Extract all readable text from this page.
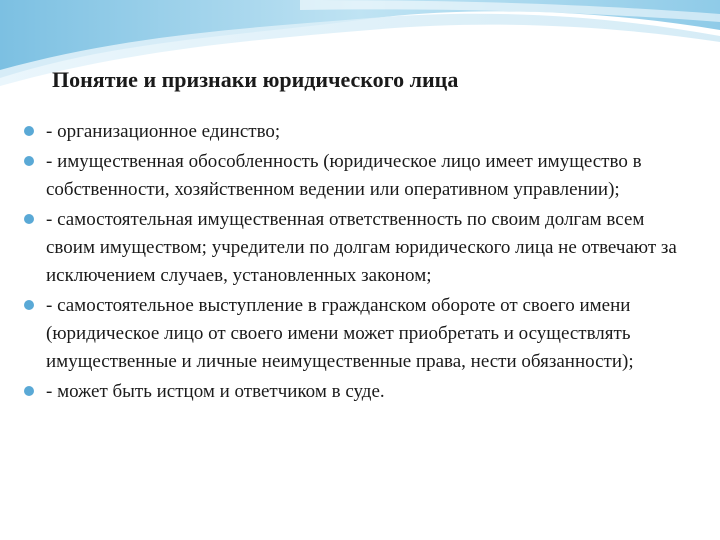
Понятие и признаки юридического лица
- организационное единство;
- имущественная обособленность (юридическое лицо имеет имущество в собственности, хозяйственном ведении или оперативном управлении);
- самостоятельная имущественная ответственность по своим долгам всем своим имуществом; учредители по долгам юридического лица не отвечают за исключением случаев, установленных законом;
- самостоятельное выступление в гражданском обороте от своего имени (юридическое лицо от своего имени может приобретать и осуществлять имущественные и личные неимущественные права, нести обязанности);
- может быть истцом и ответчиком в суде.
